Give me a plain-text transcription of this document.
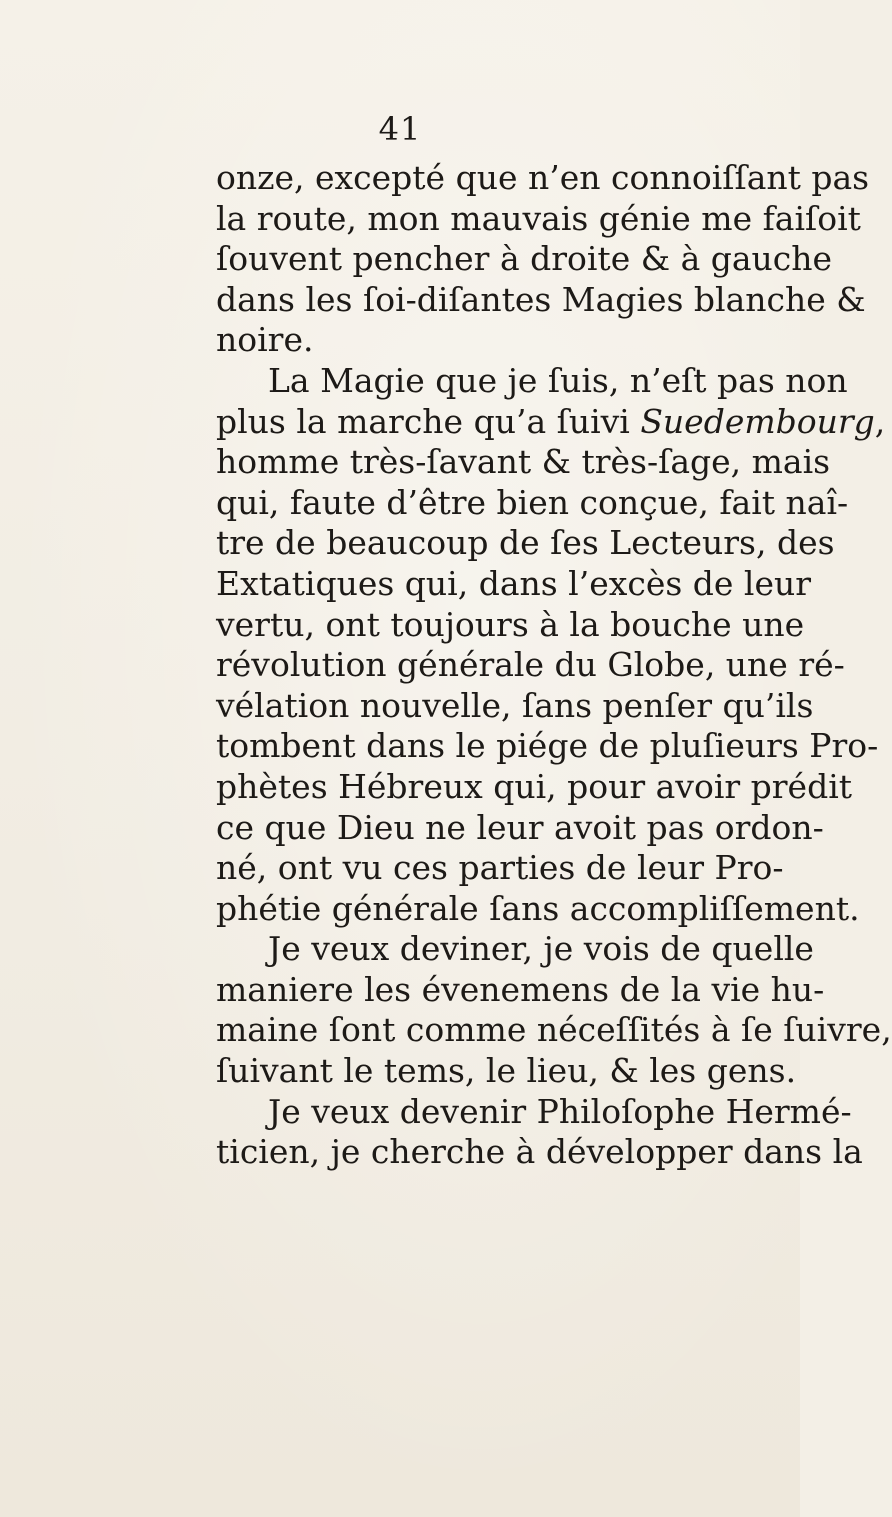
41
onze, excepté que n’en connoiſſant pas
la route, mon mauvais génie me faiſoit
ſouvent pencher à droite & à gauche
dans les ſoi-diſantes Magies blanche &
noire.
La Magie que je ſuis, n’eſt pas non
plus la marche qu’a ſuivi Suedembourg,
homme très-ſavant & très-ſage, mais
qui, faute d’être bien conçue, fait naî-
tre de beaucoup de ſes Lecteurs, des
Extatiques qui, dans l’excès de leur
vertu, ont toujours à la bouche une
révolution générale du Globe, une ré-
vélation nouvelle, ſans penſer qu’ils
tombent dans le piége de pluſieurs Pro-
phètes Hébreux qui, pour avoir prédit
ce que Dieu ne leur avoit pas ordon-
né, ont vu ces parties de leur Pro-
phétie générale ſans accompliſſement.
Je veux deviner, je vois de quelle
maniere les évenemens de la vie hu-
maine ſont comme néceſſités à ſe ſuivre,
ſuivant le tems, le lieu, & les gens.
Je veux devenir Philoſophe Hermé-
ticien, je cherche à développer dans la
